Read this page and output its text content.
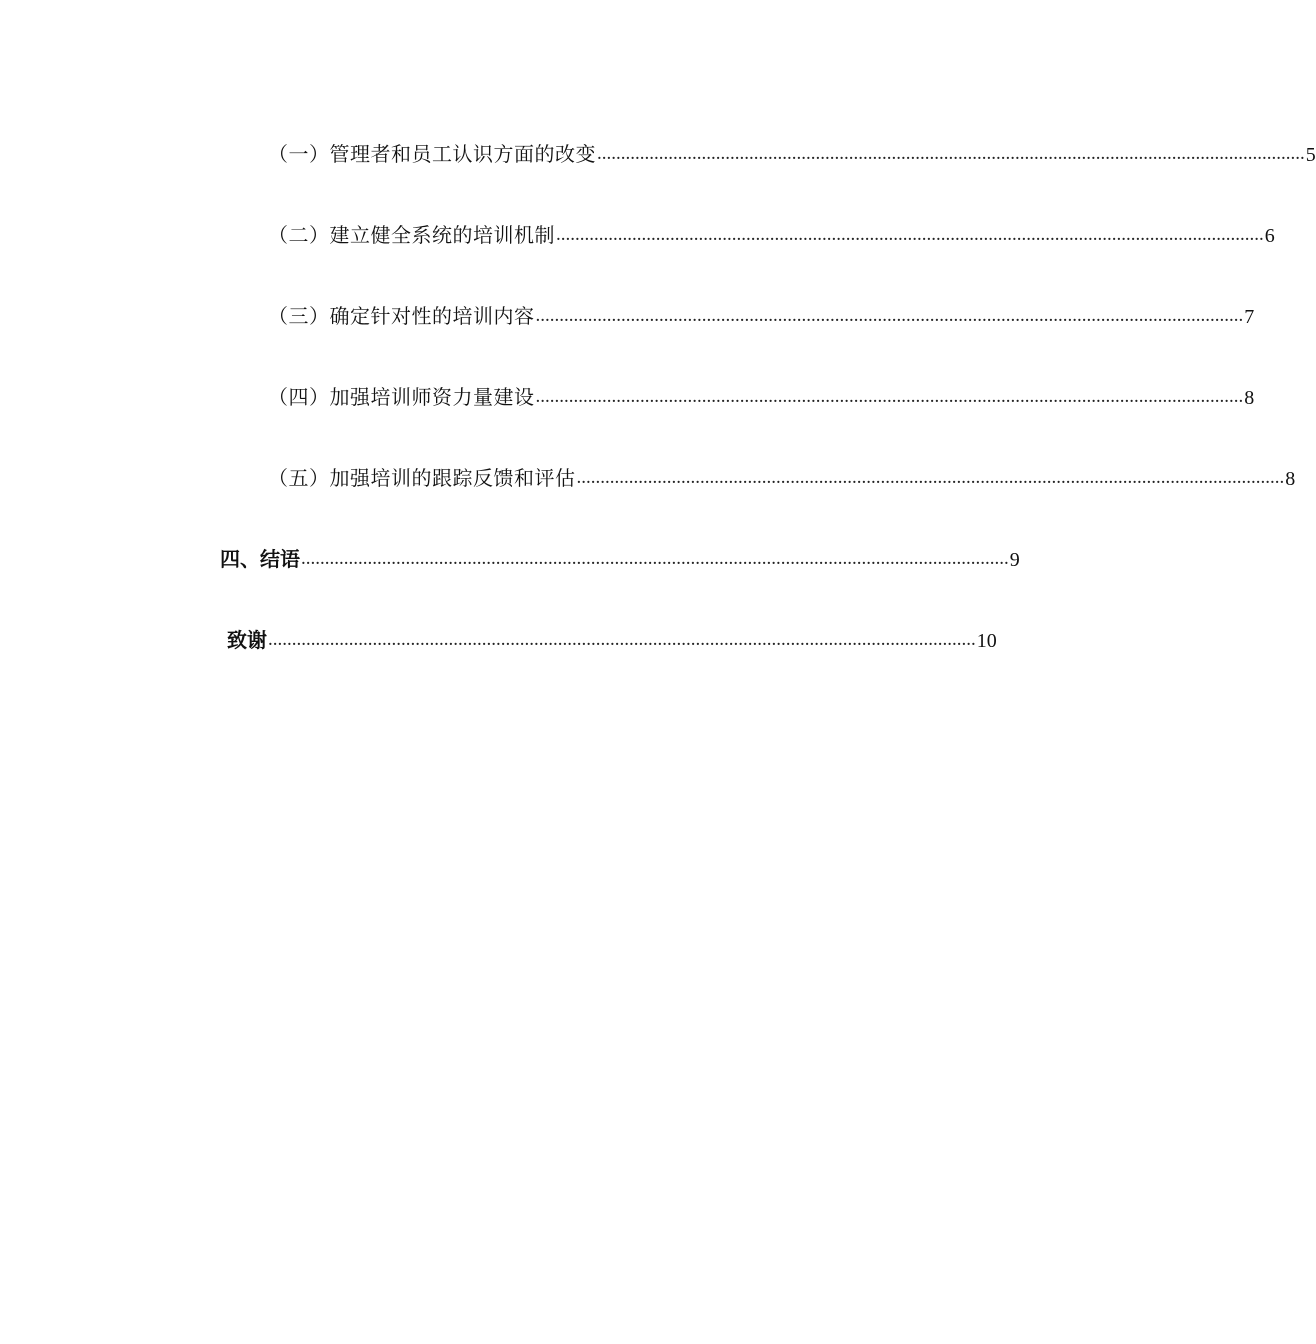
（一）管理者和员工认识方面的改变 ..................................................................................................................................................... 5
（二）建立健全系统的培训机制 ..................................................................................................................................................... 6
（三）确定针对性的培训内容 ..................................................................................................................................................... 7
（四）加强培训师资力量建设 ..................................................................................................................................................... 8
（五）加强培训的跟踪反馈和评估 ..................................................................................................................................................... 8
四、结语 ..................................................................................................................................................... 9
致谢 ..................................................................................................................................................... 10
